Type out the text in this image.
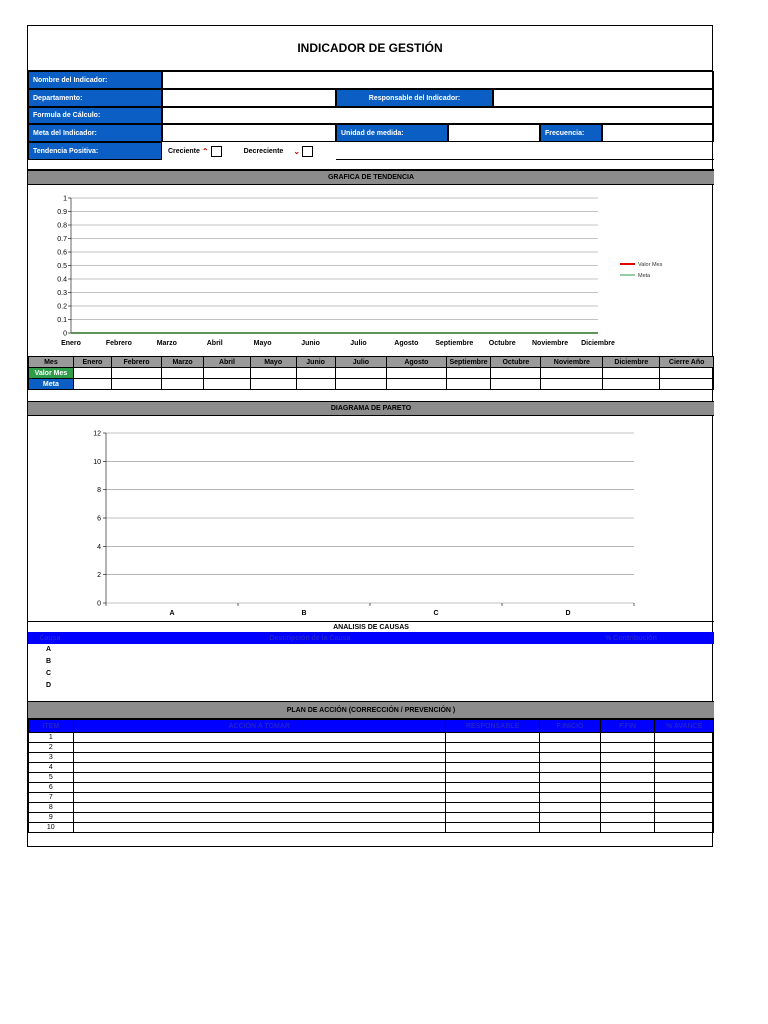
INDICADOR DE GESTIÓN
Nombre del Indicador:
Departamento:	Responsable del Indicador:
Formula de Cálculo:
Meta del Indicador:	Unidad de medida:	Frecuencia:
Tendencia Positiva:	Creciente ⌃	Decreciente ⌄
GRAFICA DE TENDENCIA
0
0.1
0.2
0.3
0.4
0.5
0.6
0.7
0.8
0.9
1
Enero	Febrero	Marzo	Abril	Mayo	Junio	Julio	Agosto Septiembre Octubre Noviembre Diciembre
Valor Mes
Meta
Mes	Enero	Febrero	Marzo	Abril	Mayo	Junio	Julio	Agosto	Septiembre	Octubre	Noviembre	Diciembre	Cierre Año
Valor Mes													
Meta													
DIAGRAMA DE PARETO
0
2
4
6
8
10
12
A	B	C	D
ANALISIS DE CAUSAS
Causa	Descripción de la Causa	% Contribución
A
B
C
D
PLAN DE ACCIÓN (CORRECCIÓN / PREVENCIÓN )
ITEM	ACCIÓN A TOMAR	RESPONSABLE	F.INICIO	F.FIN	% AVANCE
1					
2					
3					
4					
5					
6					
7					
8					
9					
10					
